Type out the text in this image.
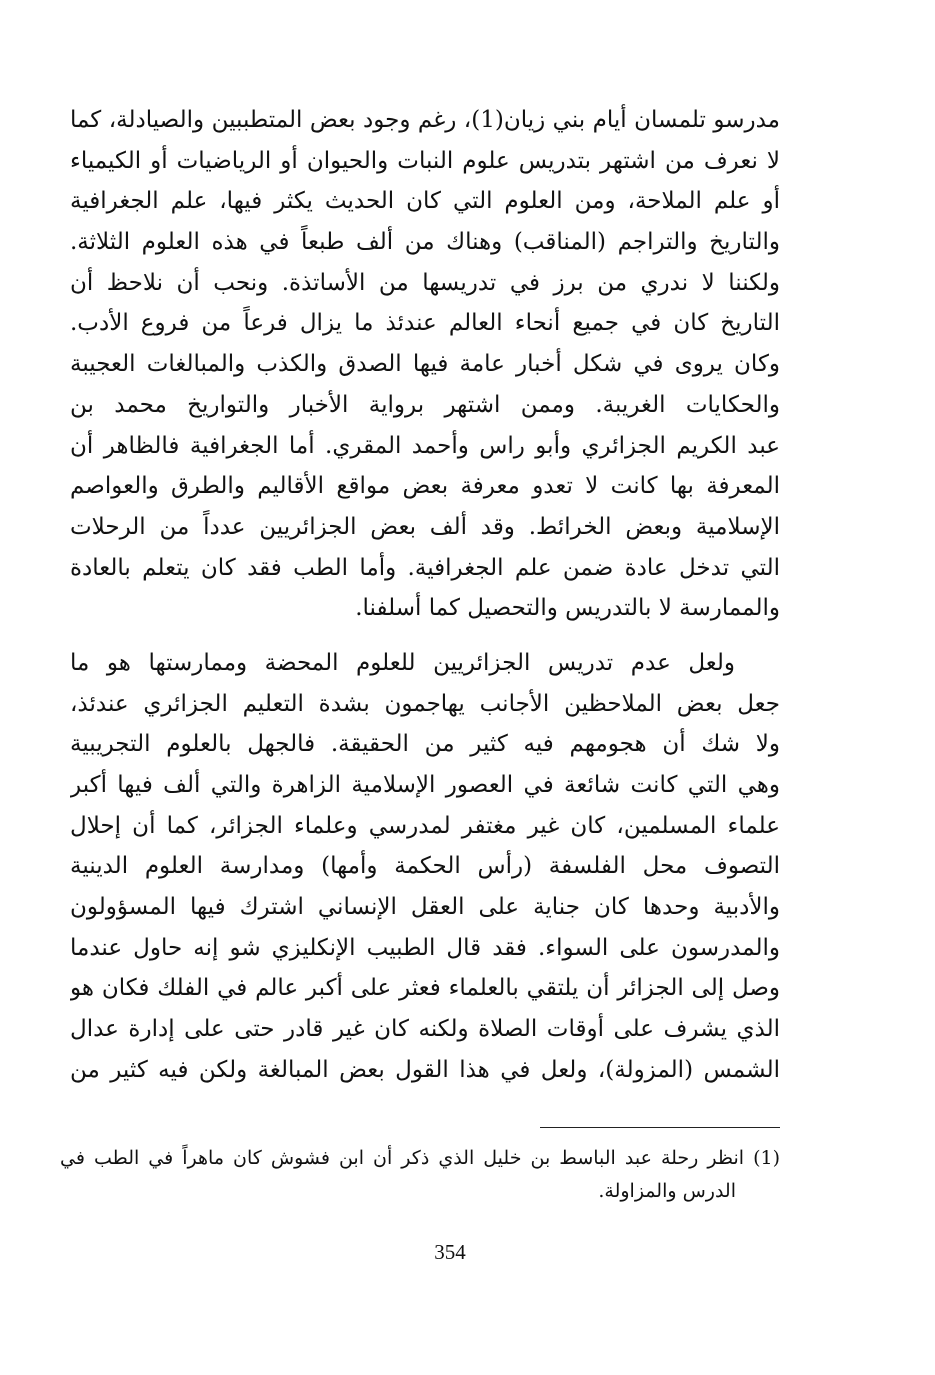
مدرسو تلمسان أيام بني زيان(1)، رغم وجود بعض المتطببين والصيادلة، كما
لا نعرف من اشتهر بتدريس علوم النبات والحيوان أو الرياضيات أو الكيمياء
أو علم الملاحة، ومن العلوم التي كان الحديث يكثر فيها، علم الجغرافية
والتاريخ والتراجم (المناقب) وهناك من ألف طبعاً في هذه العلوم الثلاثة.
ولكننا لا ندري من برز في تدريسها من الأساتذة. ونحب أن نلاحظ أن
التاريخ كان في جميع أنحاء العالم عندئذ ما يزال فرعاً من فروع الأدب.
وكان يروى في شكل أخبار عامة فيها الصدق والكذب والمبالغات العجيبة
والحكايات الغريبة. وممن اشتهر برواية الأخبار والتواريخ محمد بن
عبد الكريم الجزائري وأبو راس وأحمد المقري. أما الجغرافية فالظاهر أن
المعرفة بها كانت لا تعدو معرفة بعض مواقع الأقاليم والطرق والعواصم
الإسلامية وبعض الخرائط. وقد ألف بعض الجزائريين عدداً من الرحلات
التي تدخل عادة ضمن علم الجغرافية. وأما الطب فقد كان يتعلم بالعادة
والممارسة لا بالتدريس والتحصيل كما أسلفنا.
ولعل عدم تدريس الجزائريين للعلوم المحضة وممارستها هو ما
جعل بعض الملاحظين الأجانب يهاجمون بشدة التعليم الجزائري عندئذ،
ولا شك أن هجومهم فيه كثير من الحقيقة. فالجهل بالعلوم التجريبية
وهي التي كانت شائعة في العصور الإسلامية الزاهرة والتي ألف فيها أكبر
علماء المسلمين، كان غير مغتفر لمدرسي وعلماء الجزائر، كما أن إحلال
التصوف محل الفلسفة (رأس الحكمة وأمها) ومدارسة العلوم الدينية
والأدبية وحدها كان جناية على العقل الإنساني اشترك فيها المسؤولون
والمدرسون على السواء. فقد قال الطبيب الإنكليزي شو إنه حاول عندما
وصل إلى الجزائر أن يلتقي بالعلماء فعثر على أكبر عالم في الفلك فكان هو
الذي يشرف على أوقات الصلاة ولكنه كان غير قادر حتى على إدارة عدال
الشمس (المزولة)، ولعل في هذا القول بعض المبالغة ولكن فيه كثير من
(1) انظر رحلة عبد الباسط بن خليل الذي ذكر أن ابن فشوش كان ماهراً في الطب في
الدرس والمزاولة.
354
